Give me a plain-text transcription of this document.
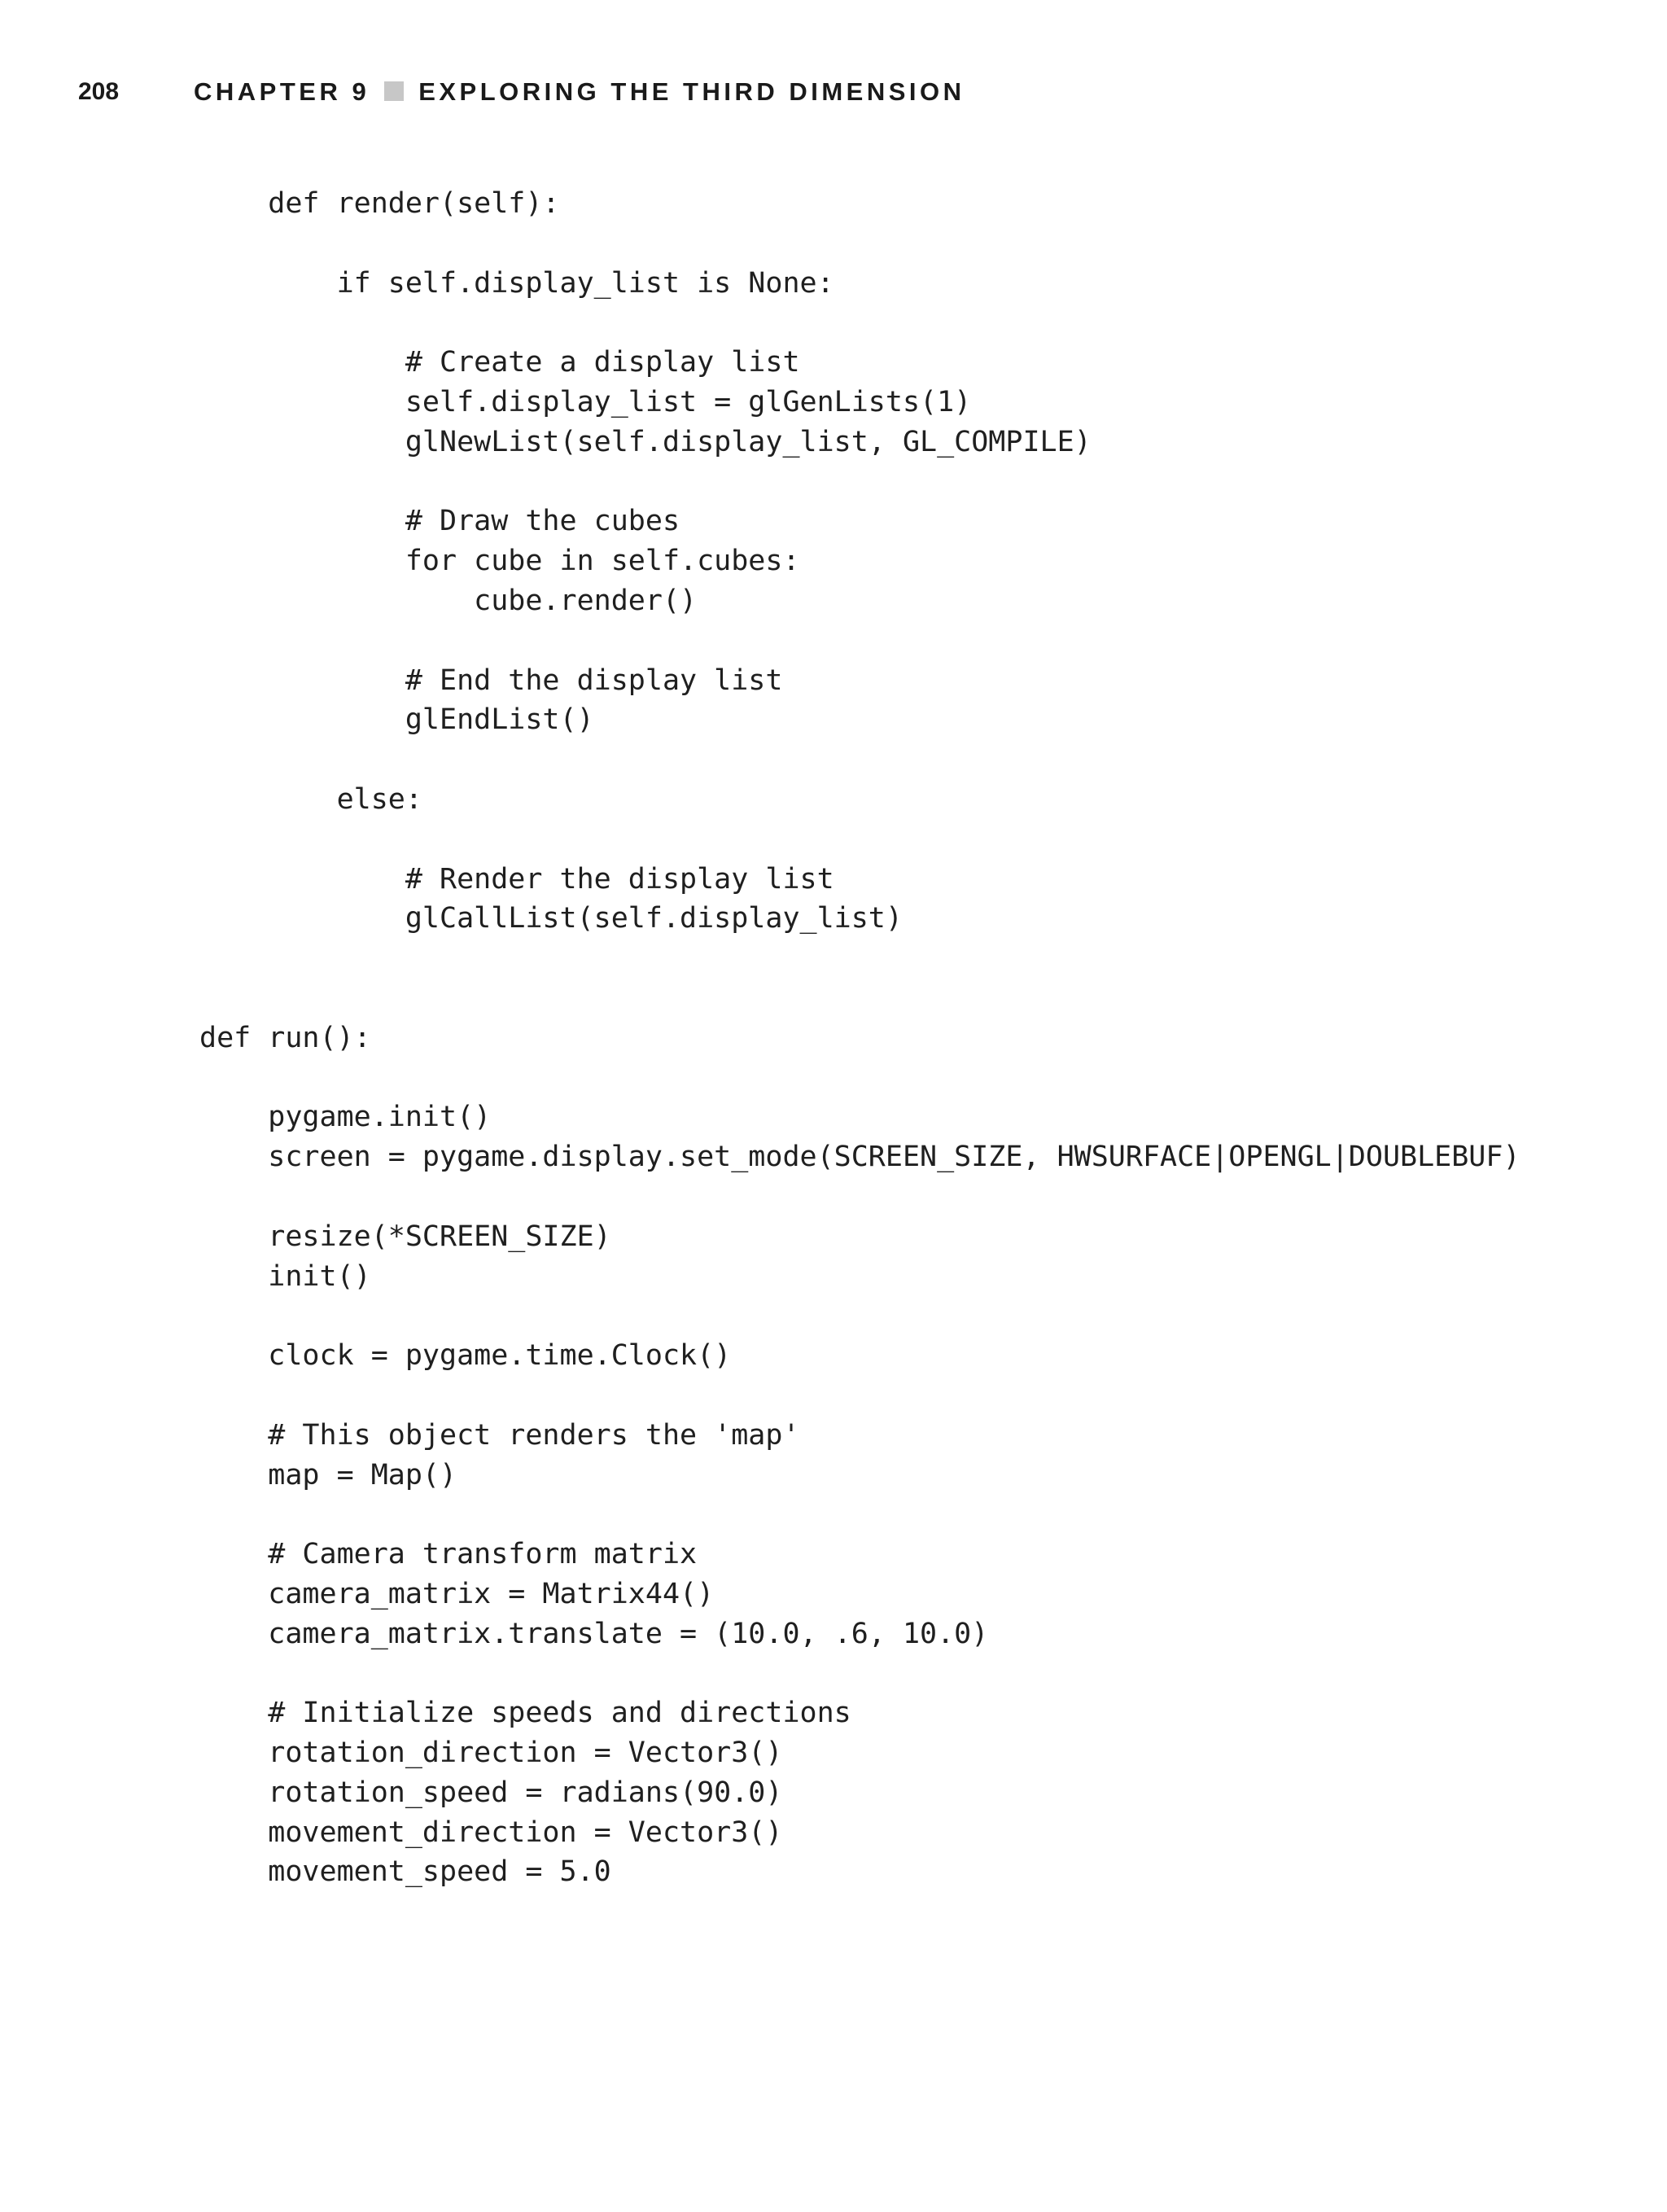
208	CHAPTER 9 EXPLORING THE THIRD DIMENSION
def render(self):

if self.display_list is None:

# Create a display list
self.display_list = glGenLists(1)
glNewList(self.display_list, GL_COMPILE)

# Draw the cubes
for cube in self.cubes:
cube.render()

# End the display list
glEndList()

else:

# Render the display list
glCallList(self.display_list)

def run():

pygame.init()
screen = pygame.display.set_mode(SCREEN_SIZE, HWSURFACE|OPENGL|DOUBLEBUF)

resize(*SCREEN_SIZE)
init()

clock = pygame.time.Clock()

# This object renders the 'map'
map = Map()

# Camera transform matrix
camera_matrix = Matrix44()
camera_matrix.translate = (10.0, .6, 10.0)

# Initialize speeds and directions
rotation_direction = Vector3()
rotation_speed = radians(90.0)
movement_direction = Vector3()
movement_speed = 5.0
